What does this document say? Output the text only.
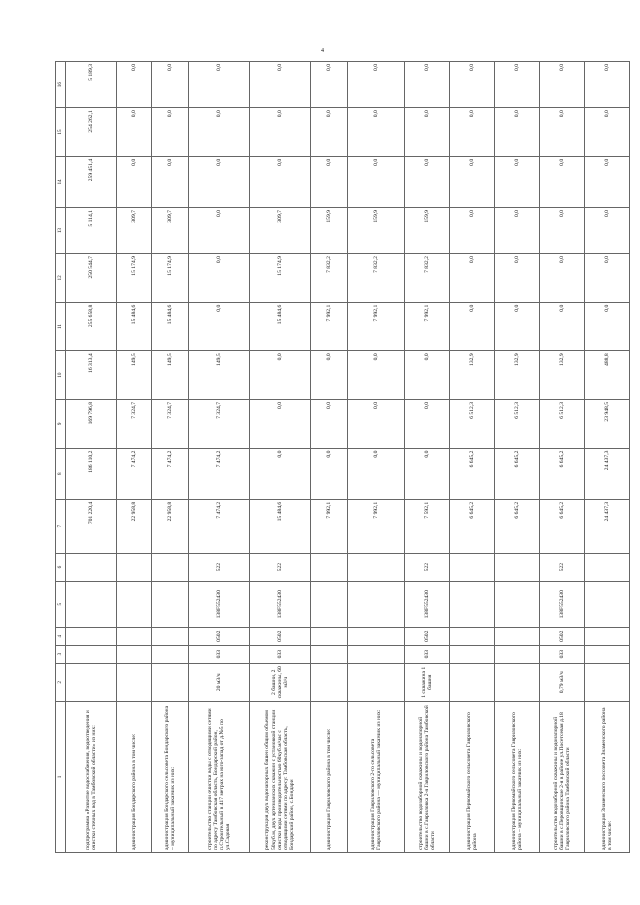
4
1	2	3	4	5	6	7	8	9	10	11	12	13	14	15	16
подпрограмма «Развитие водоснабжения, водоотведения и очистки сточных вод в Тамбовской области» из них:						701 220,4	186 110,2	169 796,8	16 313,4	255 658,8	250 544,7	5 114,1	259 451,4	254 262,1	5 189,3
администрация Бондарского района в том числе:						22 958,8	7 474,2	7 324,7	149,5	15 484,6	15 174,9	309,7	0,0	0,0	0,0
администрация Бондарского сельсовета Бондарского района – муниципальный заказчик из них:						22 958,8	7 474,2	7 324,7	149,5	15 484,6	15 174,9	309,7	0,0	0,0	0,0
строительство станции очистки воды с отводящими сетями по адресу Тамбовская область, Бондарский район, п.Строительный в 417 метрах на юго-запад от д.№5 по ул.Садовая	20 м3/ч	033	0502	138F552430	522	7 474,2	7 474,2	7 324,7	149,5	0,0	0,0	0,0	0,0	0,0	0,0
реконструкция двух водонапорных башен общим объемом 50куб.м, двух артезианских скважин с установкой станции очистки воды производительностью 60куб.м/час с отводящими сетями по адресу: Тамбовская область, Бондарский район, с.Бондари	2 башни, 2 скважины, 60 м3/ч	033	0502	138F552430	522	15 484,6	0,0	0,0	0,0	15 484,6	15 174,9	309,7	0,0	0,0	0,0
администрация Гавриловского района в том числе:						7 992,1	0,0	0,0	0,0	7 992,1	7 832,2	159,9	0,0	0,0	0,0
администрация Гавриловского 2-го сельсовета Гавриловского района — муниципальный заказчик из них:						7 992,1	0,0	0,0	0,0	7 992,1	7 832,2	159,9	0,0	0,0	0,0
строительство водозаборной скважины и водонапорной башни в с.Гавриловка 2-я Гавриловского района Тамбовской области	1 скважина 1 башня	033	0502	138F552430	522	7 592,1	0,0	0,0	0,0	7 992,1	7 832,2	159,9	0,0	0,0	0,0
администрация Первомайского сельсовета Гавриловского района						6 645,2	6 645,2	6 512,3	132,9	0,0	0,0	0,0	0,0	0,0	0,0
администрация Первомайского сельсовета Гавриловского района – муниципальный заказчик из них:						6 645,2	6 645,2	6 512,3	132,9	0,0	0,0	0,0	0,0	0,0	0,0
строительство водозаборной скважины и водонапорной башни в с.Перовщинские 2-я в районе ул.Посетсевая д.18 Гавриловского района Тамбовской области	0,79 м3/ч	033	0502	138F552430	522	6 645,2	6 645,2	6 512,3	132,9	0,0	0,0	0,0	0,0	0,0	0,0
администрация Знаменского поссовета Знаменского района в том числе:						24 437,3	24 437,3	23 948,5	488,8	0,0	0,0	0,0	0,0	0,0	0,0
